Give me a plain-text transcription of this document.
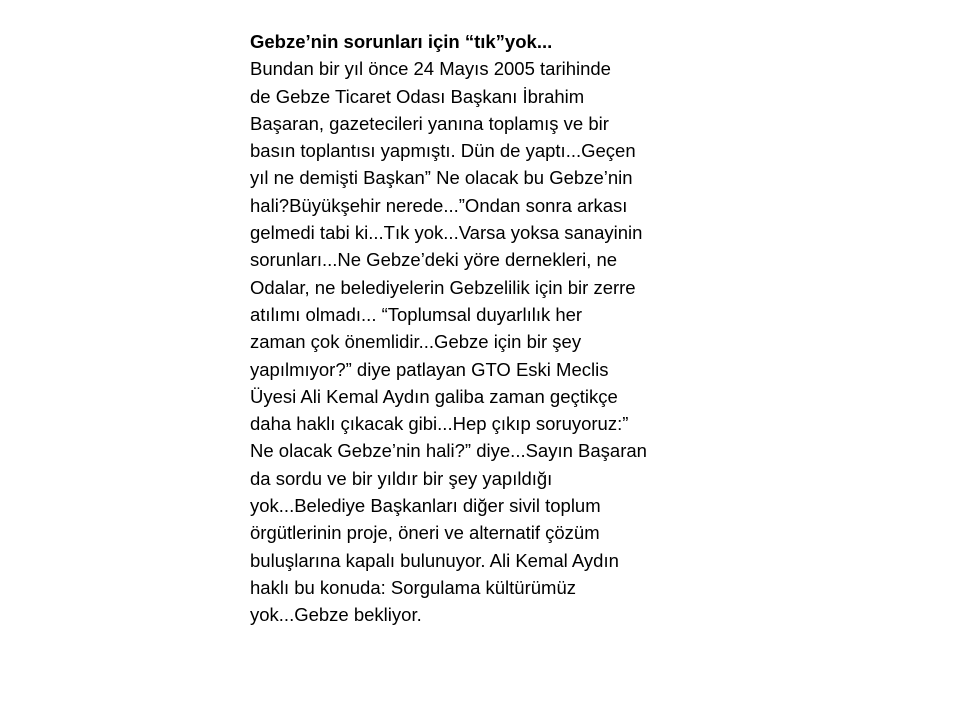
Gebze’nin sorunları için “tık”yok...
Bundan bir yıl önce 24 Mayıs 2005 tarihinde
de Gebze Ticaret Odası Başkanı İbrahim
Başaran, gazetecileri yanına toplamış ve bir
basın toplantısı yapmıştı. Dün de yaptı...Geçen
yıl ne demişti Başkan” Ne olacak bu Gebze’nin
hali?Büyükşehir nerede...”Ondan sonra arkası
gelmedi tabi ki...Tık yok...Varsa yoksa sanayinin
sorunları...Ne Gebze’deki yöre dernekleri, ne
Odalar, ne belediyelerin Gebzelilik için bir zerre
atılımı olmadı... “Toplumsal duyarlılık her
zaman çok önemlidir...Gebze için bir şey
yapılmıyor?” diye patlayan GTO Eski Meclis
Üyesi Ali Kemal Aydın galiba zaman geçtikçe
daha haklı çıkacak gibi...Hep çıkıp soruyoruz:”
Ne olacak Gebze’nin hali?” diye...Sayın Başaran
da sordu ve bir yıldır bir şey yapıldığı
yok...Belediye Başkanları diğer sivil toplum
örgütlerinin proje, öneri ve alternatif çözüm
buluşlarına kapalı bulunuyor. Ali Kemal Aydın
haklı bu konuda: Sorgulama kültürümüz
yok...Gebze bekliyor.
